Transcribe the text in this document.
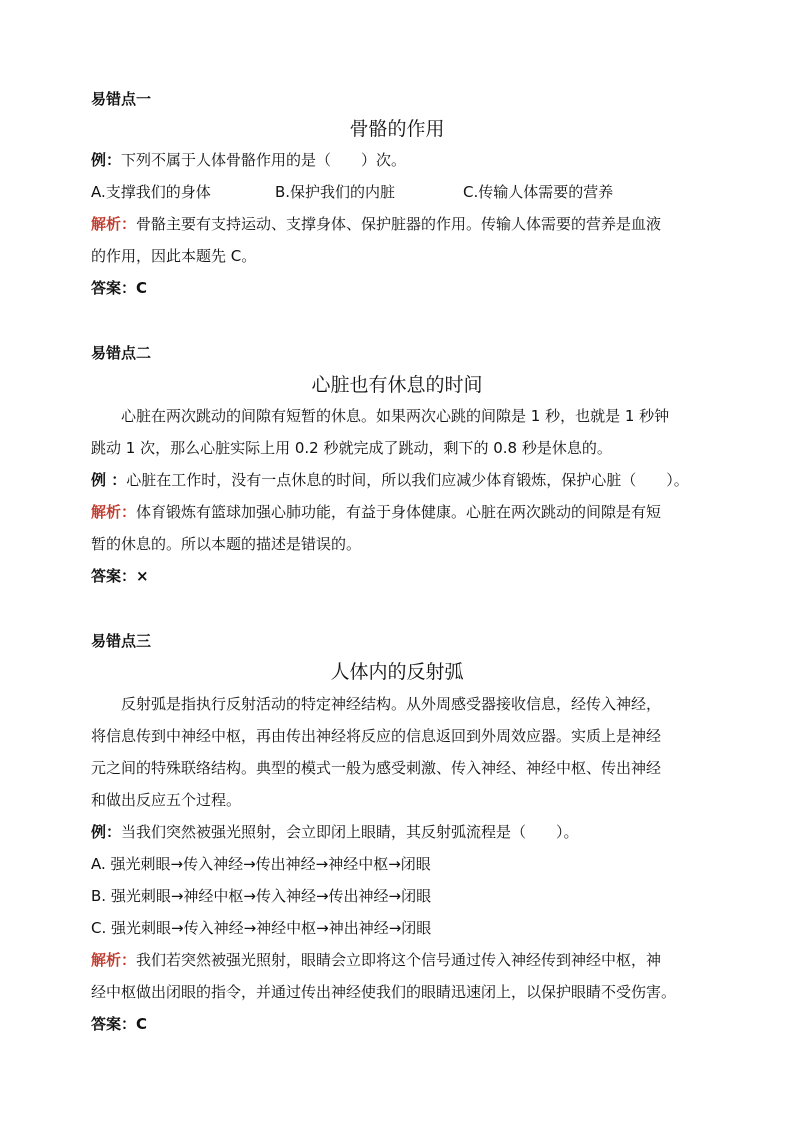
易错点一
骨骼的作用
例：下列不属于人体骨骼作用的是（　　）次。
A.支撑我们的身体	B.保护我们的内脏	C.传输人体需要的营养
解析：骨骼主要有支持运动、支撑身体、保护脏器的作用。传输人体需要的营养是血液
的作用，因此本题先 C。
答案：C
易错点二
心脏也有休息的时间
心脏在两次跳动的间隙有短暂的休息。如果两次心跳的间隙是 1 秒，也就是 1 秒钟
跳动 1 次，那么心脏实际上用 0.2 秒就完成了跳动，剩下的 0.8 秒是休息的。
例 ：心脏在工作时，没有一点休息的时间，所以我们应减少体育锻炼，保护心脏（　　）。
解析：体育锻炼有篮球加强心肺功能，有益于身体健康。心脏在两次跳动的间隙是有短
暂的休息的。所以本题的描述是错误的。
答案：×
易错点三
人体内的反射弧
反射弧是指执行反射活动的特定神经结构。从外周感受器接收信息，经传入神经，
将信息传到中神经中枢，再由传出神经将反应的信息返回到外周效应器。实质上是神经
元之间的特殊联络结构。典型的模式一般为感受刺激、传入神经、神经中枢、传出神经
和做出反应五个过程。
例：当我们突然被强光照射，会立即闭上眼睛，其反射弧流程是（　　）。
A. 强光刺眼→传入神经→传出神经→神经中枢→闭眼
B. 强光刺眼→神经中枢→传入神经→传出神经→闭眼
C. 强光刺眼→传入神经→神经中枢→神出神经→闭眼
解析：我们若突然被强光照射，眼睛会立即将这个信号通过传入神经传到神经中枢，神
经中枢做出闭眼的指令，并通过传出神经使我们的眼睛迅速闭上，以保护眼睛不受伤害。
答案：C
